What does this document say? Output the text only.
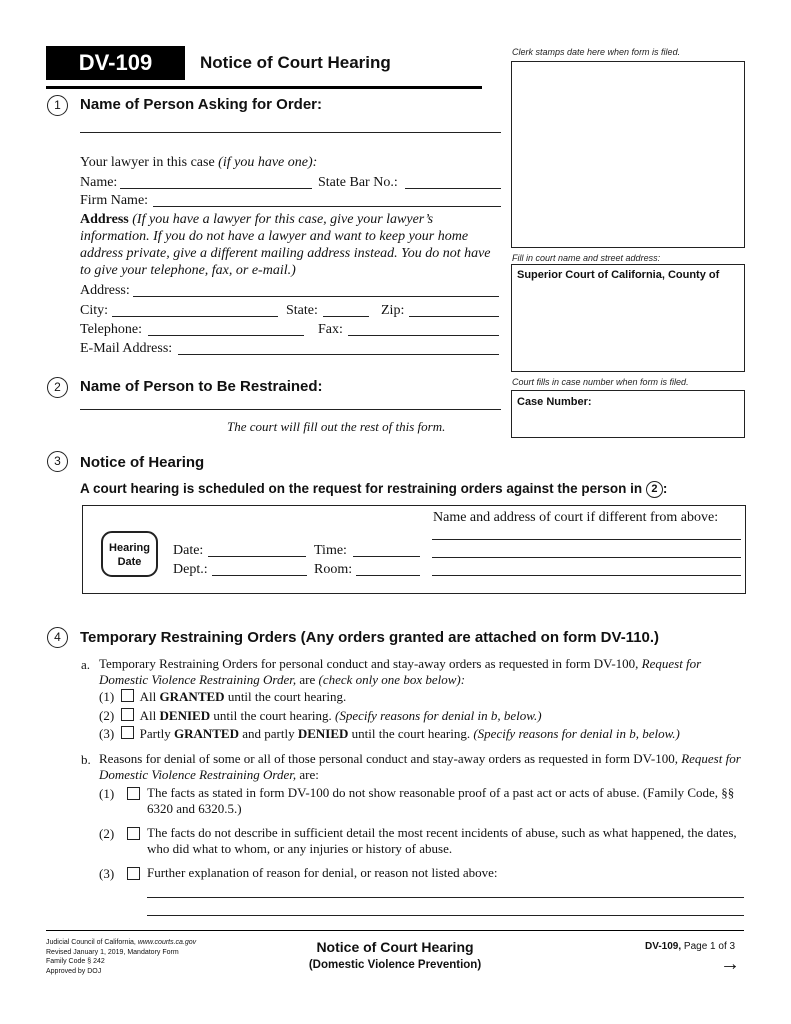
DV-109	Notice of Court Hearing
Clerk stamps date here when form is filed.
Fill in court name and street address:
Superior Court of California, County of
Court fills in case number when form is filed.
Case Number:
1	Name of Person Asking for Order:
Your lawyer in this case (if you have one):
Name:	State Bar No.:
Firm Name:
Address (If you have a lawyer for this case, give your lawyer’s information. If you do not have a lawyer and want to keep your home address private, give a different mailing address instead. You do not have to give your telephone, fax, or e-mail.)
Address:
City:	State:	Zip:
Telephone:	Fax:
E-Mail Address:
2	Name of Person to Be Restrained:
The court will fill out the rest of this form.
3	Notice of Hearing
A court hearing is scheduled on the request for restraining orders against the person in 2 :
Hearing
Date
Date:	Time:
Dept.:	Room:
Name and address of court if different from above:
4	Temporary Restraining Orders (Any orders granted are attached on form DV-110.)
a. Temporary Restraining Orders for personal conduct and stay-away orders as requested in form DV-100, Request for Domestic Violence Restraining Order, are (check only one box below):
(1) All GRANTED until the court hearing.
(2) All DENIED until the court hearing. (Specify reasons for denial in b, below.)
(3) Partly GRANTED and partly DENIED until the court hearing. (Specify reasons for denial in b, below.)
b. Reasons for denial of some or all of those personal conduct and stay-away orders as requested in form DV-100, Request for Domestic Violence Restraining Order, are:
(1)	The facts as stated in form DV-100 do not show reasonable proof of a past act or acts of abuse. (Family Code, §§ 6320 and 6320.5.)
(2)	The facts do not describe in sufficient detail the most recent incidents of abuse, such as what happened, the dates, who did what to whom, or any injuries or history of abuse.
(3)	Further explanation of reason for denial, or reason not listed above:
Judicial Council of California, www.courts.ca.gov
Revised January 1, 2019, Mandatory Form
Family Code § 242
Approved by DOJ
Notice of Court Hearing
(Domestic Violence Prevention)
DV-109, Page 1 of 3
→
